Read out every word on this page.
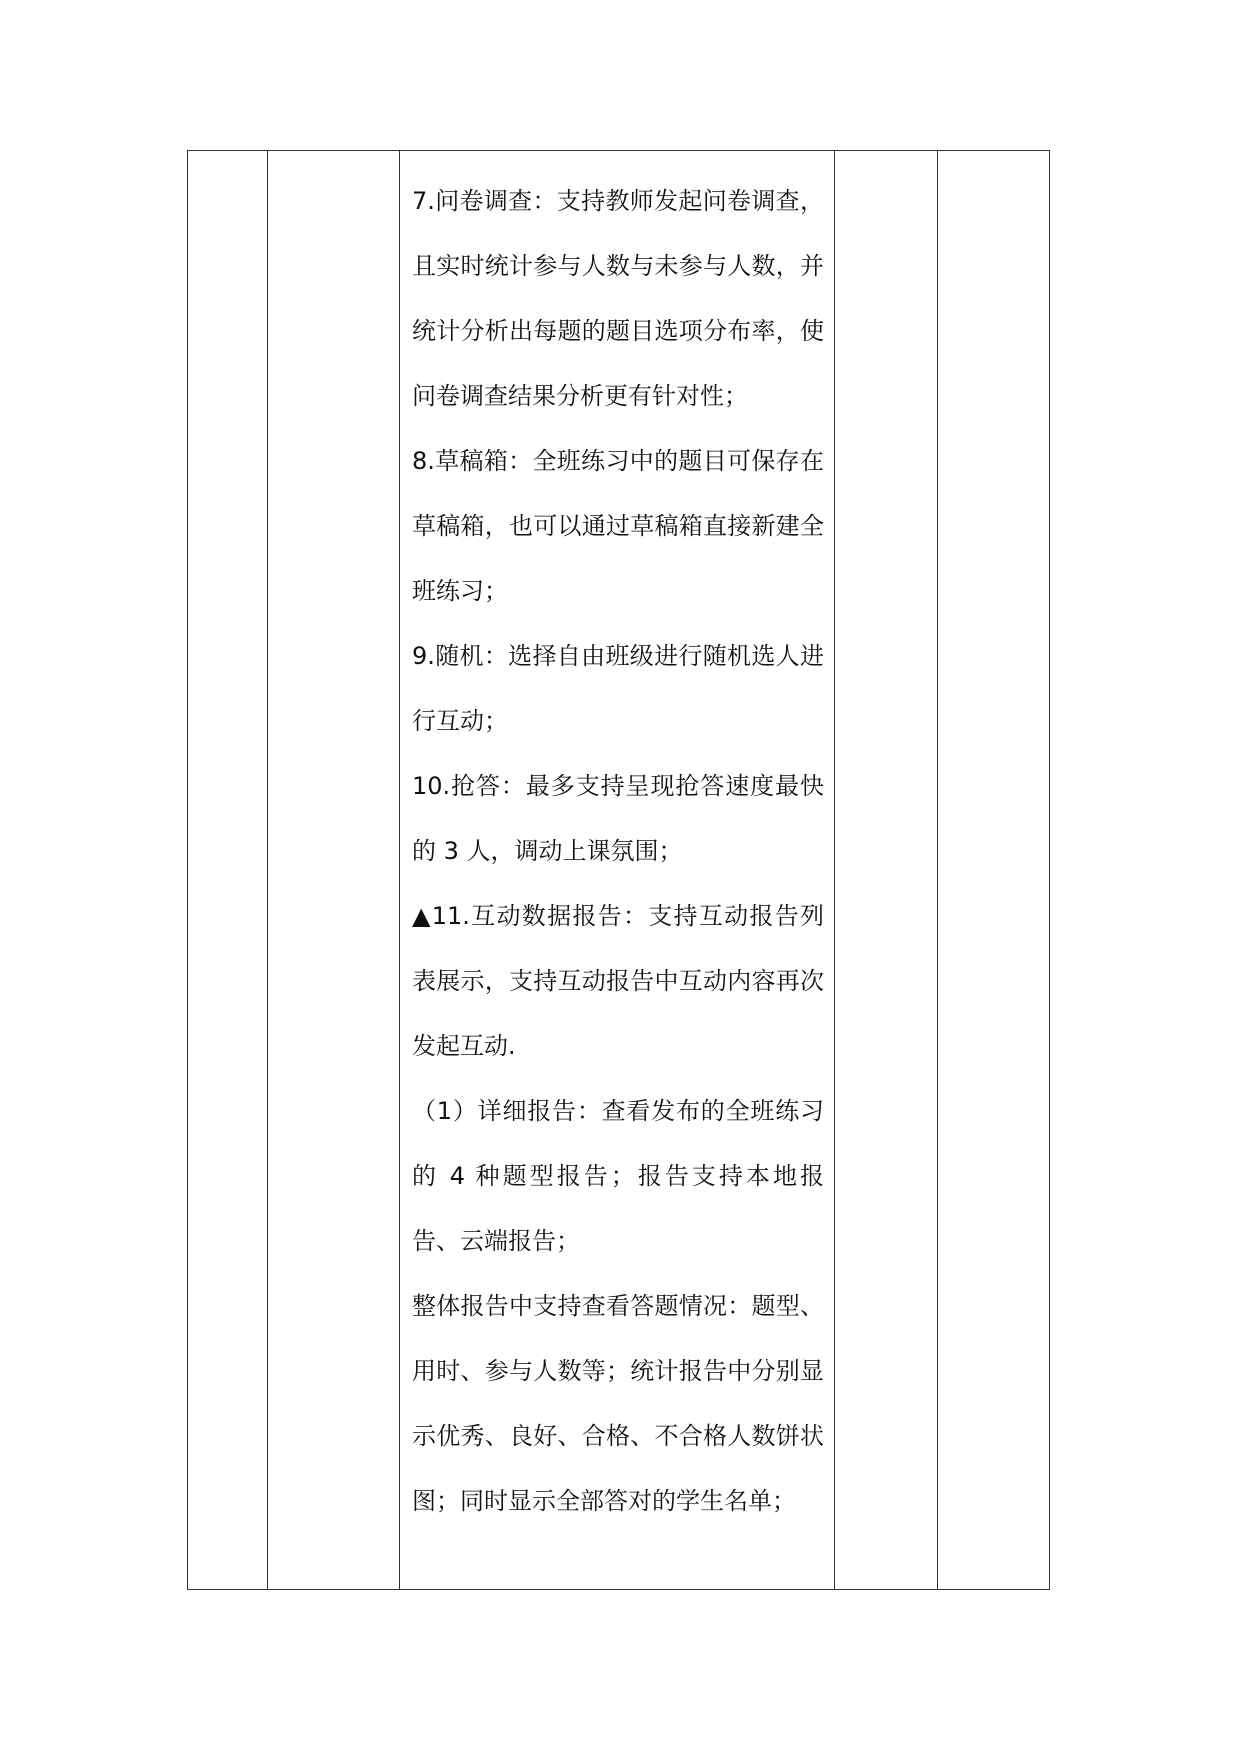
7.问卷调查：支持教师发起问卷调查，且实时统计参与人数与未参与人数，并统计分析出每题的题目选项分布率，使问卷调查结果分析更有针对性；

8.草稿箱：全班练习中的题目可保存在草稿箱，也可以通过草稿箱直接新建全班练习；

9.随机：选择自由班级进行随机选人进行互动；

10.抢答：最多支持呈现抢答速度最快的 3 人，调动上课氛围；

▲11.互动数据报告：支持互动报告列表展示，支持互动报告中互动内容再次发起互动.

（1）详细报告：查看发布的全班练习的 4 种题型报告；报告支持本地报告、云端报告；

整体报告中支持查看答题情况：题型、用时、参与人数等；统计报告中分别显示优秀、良好、合格、不合格人数饼状图；同时显示全部答对的学生名单；
